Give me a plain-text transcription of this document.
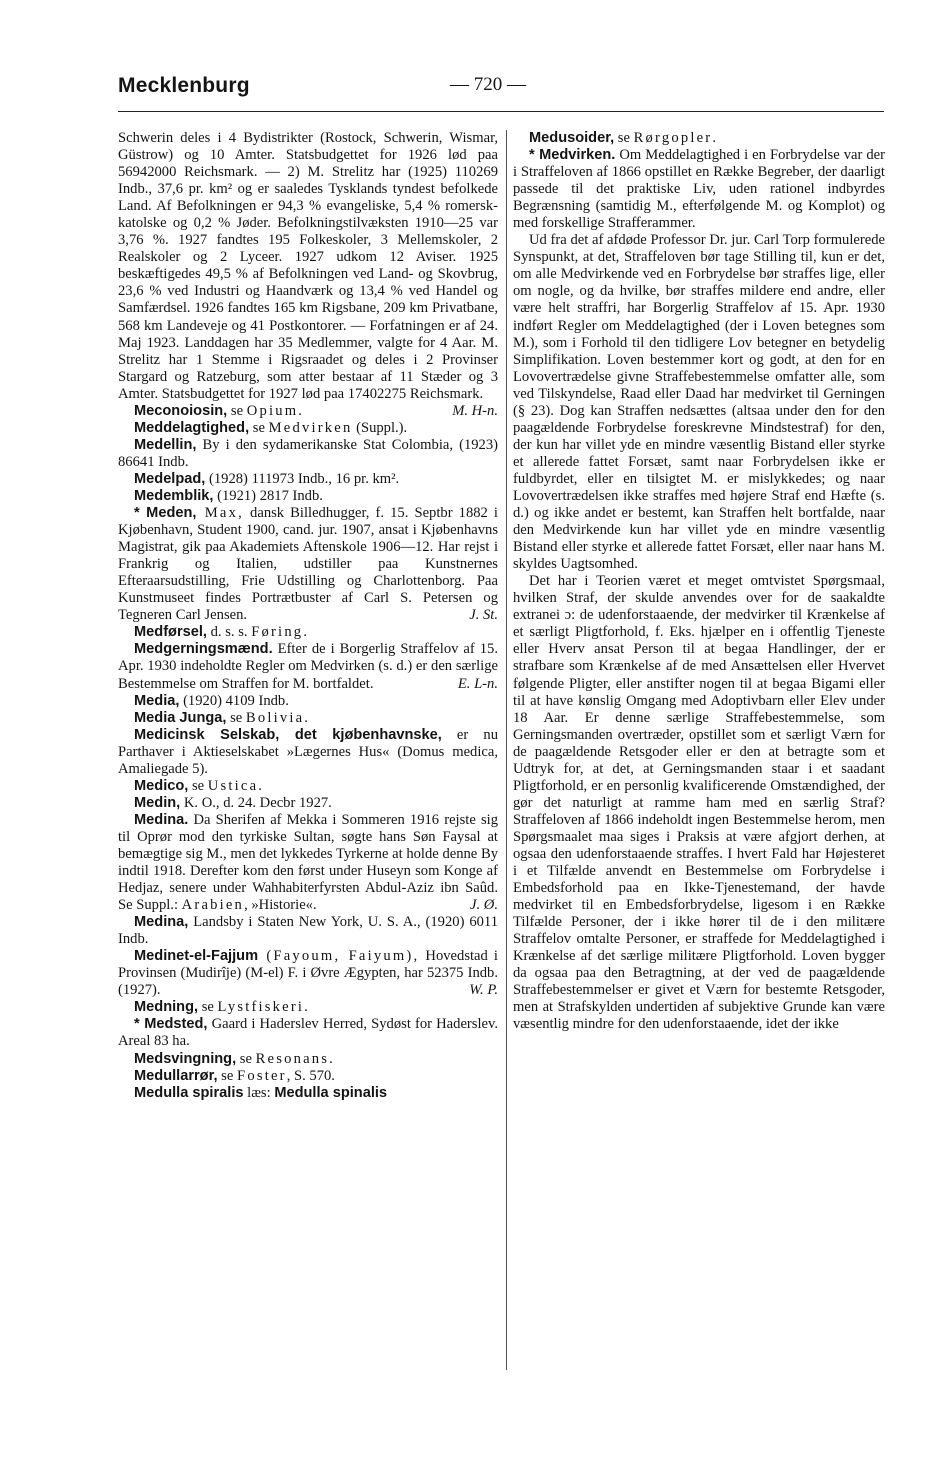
Mecklenburg	— 720 —

Schwerin deles i 4 Bydistrikter (Rostock, Schwerin, Wismar, Güstrow) og 10 Amter. Statsbudgettet for 1926 lød paa 56942000 Reichsmark. — 2) M. Strelitz har (1925) 110269 Indb., 37,6 pr. km² og er saaledes Tysklands tyndest befolkede Land. Af Befolkningen er 94,3 % evangeliske, 5,4 % romersk-katolske og 0,2 % Jøder. Befolkningstilvæksten 1910—25 var 3,76 %. 1927 fandtes 195 Folkeskoler, 3 Mellemskoler, 2 Realskoler og 2 Lyceer. 1927 udkom 12 Aviser. 1925 beskæftigedes 49,5 % af Befolkningen ved Land- og Skovbrug, 23,6 % ved Industri og Haandværk og 13,4 % ved Handel og Samfærdsel. 1926 fandtes 165 km Rigsbane, 209 km Privatbane, 568 km Landeveje og 41 Postkontorer. — Forfatningen er af 24. Maj 1923. Landdagen har 35 Medlemmer, valgte for 4 Aar. M. Strelitz har 1 Stemme i Rigsraadet og deles i 2 Provinser Stargard og Ratzeburg, som atter bestaar af 11 Stæder og 3 Amter. Statsbudgettet for 1927 lød paa 17402275 Reichsmark.
M. H-n.

Meconoiosin, se Opium.

Meddelagtighed, se Medvirken (Suppl.).

Medellin, By i den sydamerikanske Stat Colombia, (1923) 86641 Indb.

Medelpad, (1928) 111973 Indb., 16 pr. km².

Medemblik, (1921) 2817 Indb.

* Meden, Max, dansk Billedhugger, f. 15. Septbr 1882 i Kjøbenhavn, Student 1900, cand. jur. 1907, ansat i Kjøbenhavns Magistrat, gik paa Akademiets Aftenskole 1906—12. Har rejst i Frankrig og Italien, udstiller paa Kunstnernes Efteraarsudstilling, Frie Udstilling og Charlottenborg. Paa Kunstmuseet findes Portrætbuster af Carl S. Petersen og Tegneren Carl Jensen.	J. St.

Medførsel, d. s. s. Føring.

Medgerningsmænd. Efter de i Borgerlig Straffelov af 15. Apr. 1930 indeholdte Regler om Medvirken (s. d.) er den særlige Bestemmelse om Straffen for M. bortfaldet.	E. L-n.

Media, (1920) 4109 Indb.

Media Junga, se Bolivia.

Medicinsk Selskab, det kjøbenhavnske, er nu Parthaver i Aktieselskabet »Lægernes Hus« (Domus medica, Amaliegade 5).

Medico, se Ustica.

Medin, K. O., d. 24. Decbr 1927.

Medina. Da Sherifen af Mekka i Sommeren 1916 rejste sig til Oprør mod den tyrkiske Sultan, søgte hans Søn Faysal at bemægtige sig M., men det lykkedes Tyrkerne at holde denne By indtil 1918. Derefter kom den først under Huseyn som Konge af Hedjaz, senere under Wahhabiterfyrsten Abdul-Aziz ibn Saûd. Se Suppl.: Arabien, »Historie«.	J. Ø.

Medina, Landsby i Staten New York, U. S. A., (1920) 6011 Indb.

Medinet-el-Fajjum (Fayoum, Faiyum), Hovedstad i Provinsen (Mudirîje) (M-el) F. i Øvre Ægypten, har 52375 Indb. (1927).	W. P.

Medning, se Lystfiskeri.

* Medsted, Gaard i Haderslev Herred, Sydøst for Haderslev. Areal 83 ha.

Medsvingning, se Resonans.

Medullarrør, se Foster, S. 570.

Medulla spiralis læs: Medulla spinalis

Medusoider, se Rørgopler.

* Medvirken. Om Meddelagtighed i en Forbrydelse var der i Straffeloven af 1866 opstillet en Række Begreber, der daarligt passede til det praktiske Liv, uden rationel indbyrdes Begrænsning (samtidig M., efterfølgende M. og Komplot) og med forskellige Strafferammer.

Ud fra det af afdøde Professor Dr. jur. Carl Torp formulerede Synspunkt, at det, Straffeloven bør tage Stilling til, kun er det, om alle Medvirkende ved en Forbrydelse bør straffes lige, eller om nogle, og da hvilke, bør straffes mildere end andre, eller være helt straffri, har Borgerlig Straffelov af 15. Apr. 1930 indført Regler om Meddelagtighed (der i Loven betegnes som M.), som i Forhold til den tidligere Lov betegner en betydelig Simplifikation. Loven bestemmer kort og godt, at den for en Lovovertrædelse givne Straffebestemmelse omfatter alle, som ved Tilskyndelse, Raad eller Daad har medvirket til Gerningen (§ 23). Dog kan Straffen nedsættes (altsaa under den for den paagældende Forbrydelse foreskrevne Mindstestraf) for den, der kun har villet yde en mindre væsentlig Bistand eller styrke et allerede fattet Forsæt, samt naar Forbrydelsen ikke er fuldbyrdet, eller en tilsigtet M. er mislykkedes; og naar Lovovertrædelsen ikke straffes med højere Straf end Hæfte (s. d.) og ikke andet er bestemt, kan Straffen helt bortfalde, naar den Medvirkende kun har villet yde en mindre væsentlig Bistand eller styrke et allerede fattet Forsæt, eller naar hans M. skyldes Uagtsomhed.

Det har i Teorien været et meget omtvistet Spørgsmaal, hvilken Straf, der skulde anvendes over for de saakaldte extranei ɔ: de udenforstaaende, der medvirker til Krænkelse af et særligt Pligtforhold, f. Eks. hjælper en i offentlig Tjeneste eller Hverv ansat Person til at begaa Handlinger, der er strafbare som Krænkelse af de med Ansættelsen eller Hvervet følgende Pligter, eller anstifter nogen til at begaa Bigami eller til at have kønslig Omgang med Adoptivbarn eller Elev under 18 Aar. Er denne særlige Straffebestemmelse, som Gerningsmanden overtræder, opstillet som et særligt Værn for de paagældende Retsgoder eller er den at betragte som et Udtryk for, at det, at Gerningsmanden staar i et saadant Pligtforhold, er en personlig kvalificerende Omstændighed, der gør det naturligt at ramme ham med en særlig Straf? Straffeloven af 1866 indeholdt ingen Bestemmelse herom, men Spørgsmaalet maa siges i Praksis at være afgjort derhen, at ogsaa den udenforstaaende straffes. I hvert Fald har Højesteret i et Tilfælde anvendt en Bestemmelse om Forbrydelse i Embedsforhold paa en Ikke-Tjenestemand, der havde medvirket til en Embedsforbrydelse, ligesom i en Række Tilfælde Personer, der i ikke hører til de i den militære Straffelov omtalte Personer, er straffede for Meddelagtighed i Krænkelse af det særlige militære Pligtforhold. Loven bygger da ogsaa paa den Betragtning, at der ved de paagældende Straffebestemmelser er givet et Værn for bestemte Retsgoder, men at Strafskylden undertiden af subjektive Grunde kan være væsentlig mindre for den udenforstaaende, idet der ikke
